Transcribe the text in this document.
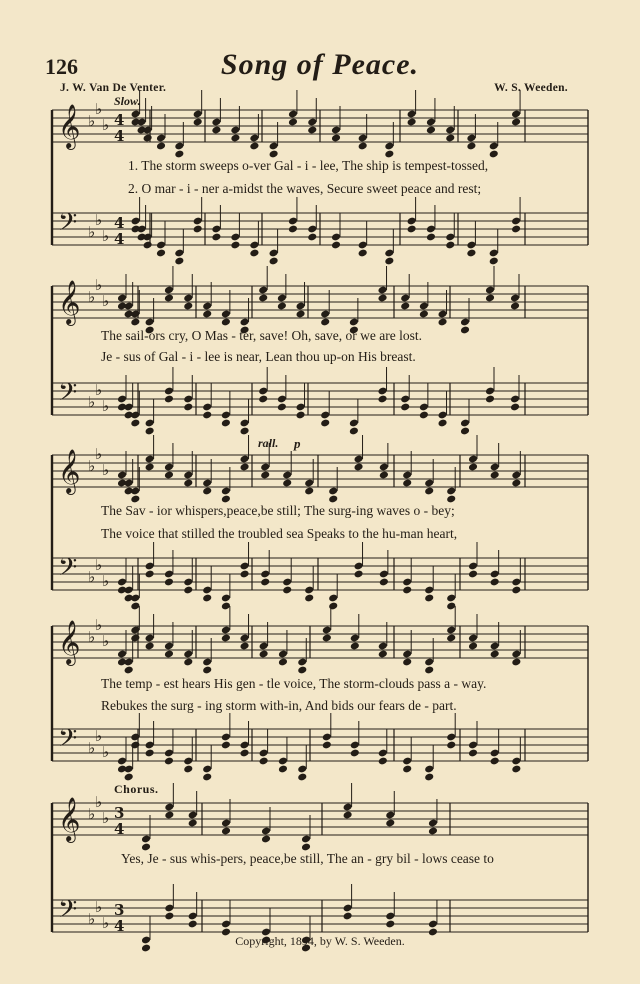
126	Song of Peace.
J. W. Van De Venter.	W. S. Weeden.
Slow.
rall. p
Chorus.
𝄞 ♭
♭
♭ 4
4
𝄢 ♭
♭
♭
4
4
𝄞 ♭
♭
♭
𝄢 ♭
♭
♭
𝄞 ♭
♭
♭
𝄢 ♭
♭
♭
𝄞 ♭
♭
♭
𝄢 ♭
♭
♭
𝄞 ♭
♭
♭ 3
4
𝄢 ♭
♭
♭
3
4
1. The storm sweeps o-ver Gal - i - lee, The ship is tempest-tossed,
2. O mar - i - ner a-midst the waves, Secure sweet peace and rest;
The sail-ors cry, O Mas - ter, save! Oh, save, or we are lost.
Je - sus of Gal - i - lee is near, Lean thou up-on His breast.
The Sav - ior whispers,peace,be still; The surg-ing waves o - bey;
The voice that stilled the troubled sea Speaks to the hu-man heart,
The temp - est hears His gen - tle voice, The storm-clouds pass a - way.
Rebukes the surg - ing storm with-in, And bids our fears de - part.
Yes, Je - sus whis-pers, peace,be still, The an - gry bil - lows cease to
Copyright, 1894, by W. S. Weeden.
